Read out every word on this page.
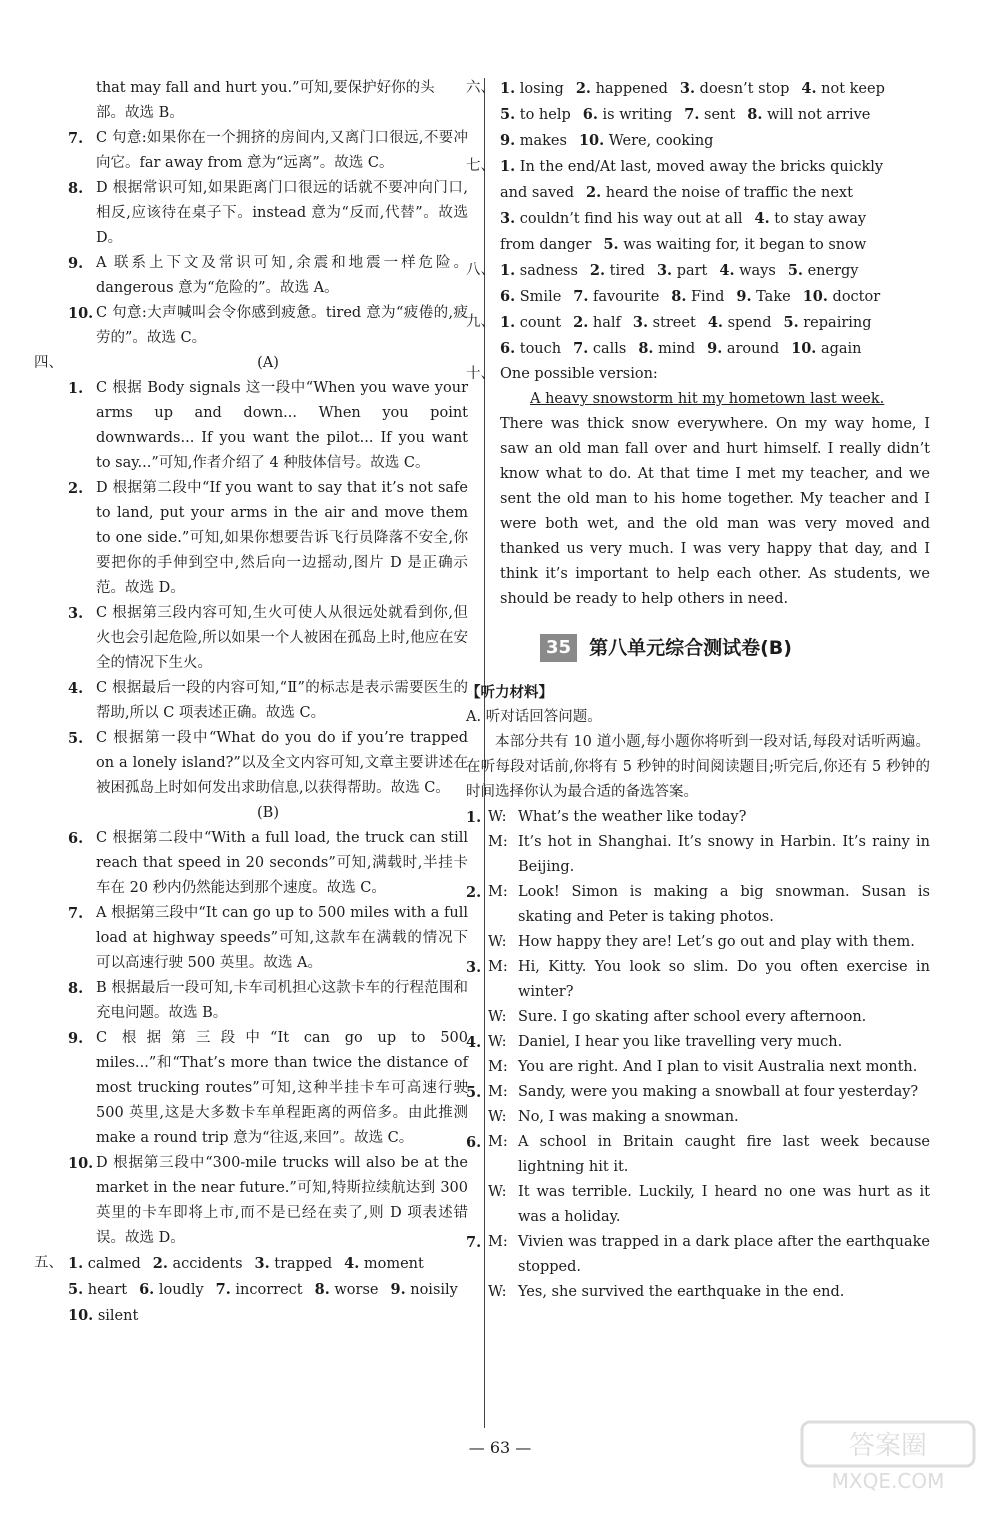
that may fall and hurt you.”可知,要保护好你的头

部。故选 B。

7. C 句意:如果你在一个拥挤的房间内,又离门口很远,不要冲向它。far away from 意为“远离”。故选 C。

8. D 根据常识可知,如果距离门口很远的话就不要冲向门口,相反,应该待在桌子下。instead 意为“反而,代替”。故选 D。

9. A 联系上下文及常识可知,余震和地震一样危险。dangerous 意为“危险的”。故选 A。

10. C 句意:大声喊叫会令你感到疲惫。tired 意为“疲倦的,疲劳的”。故选 C。

四、	(A)

1. C 根据 Body signals 这一段中“When you wave your arms up and down... When you point downwards... If you want the pilot... If you want to say...”可知,作者介绍了 4 种肢体信号。故选 C。

2. D 根据第二段中“If you want to say that it’s not safe to land, put your arms in the air and move them to one side.”可知,如果你想要告诉飞行员降落不安全,你要把你的手伸到空中,然后向一边摇动,图片 D 是正确示范。故选 D。

3. C 根据第三段内容可知,生火可使人从很远处就看到你,但火也会引起危险,所以如果一个人被困在孤岛上时,他应在安全的情况下生火。

4. C 根据最后一段的内容可知,“Ⅱ”的标志是表示需要医生的帮助,所以 C 项表述正确。故选 C。

5. C 根据第一段中“What do you do if you’re trapped on a lonely island?”以及全文内容可知,文章主要讲述在被困孤岛上时如何发出求助信息,以获得帮助。故选 C。

(B)

6. C 根据第二段中“With a full load, the truck can still reach that speed in 20 seconds”可知,满载时,半挂卡车在 20 秒内仍然能达到那个速度。故选 C。

7. A 根据第三段中“It can go up to 500 miles with a full load at highway speeds”可知,这款车在满载的情况下可以高速行驶 500 英里。故选 A。

8. B 根据最后一段可知,卡车司机担心这款卡车的行程范围和充电问题。故选 B。

9. C 根据第三段中“It can go up to 500 miles...”和“That’s more than twice the distance of most trucking routes”可知,这种半挂卡车可高速行驶 500 英里,这是大多数卡车单程距离的两倍多。由此推测 make a round trip 意为“往返,来回”。故选 C。

10. D 根据第三段中“300-mile trucks will also be at the market in the near future.”可知,特斯拉续航达到 300 英里的卡车即将上市,而不是已经在卖了,则 D 项表述错误。故选 D。

五、 1. calmed 2. accidents 3. trapped 4. moment

5. heart 6. loudly 7. incorrect 8. worse 9. noisily

10. silent

六、 1. losing 2. happened 3. doesn’t stop 4. not keep

5. to help 6. is writing 7. sent 8. will not arrive

9. makes 10. Were, cooking

七、 1. In the end/At last, moved away the bricks quickly

and saved 2. heard the noise of traffic the next

3. couldn’t find his way out at all 4. to stay away

from danger 5. was waiting for, it began to snow

八、 1. sadness 2. tired 3. part 4. ways 5. energy

6. Smile 7. favourite 8. Find 9. Take 10. doctor

九、 1. count 2. half 3. street 4. spend 5. repairing

6. touch 7. calls 8. mind 9. around 10. again

十、 One possible version:

A heavy snowstorm hit my hometown last week.

There was thick snow everywhere. On my way home, I saw an old man fall over and hurt himself. I really didn’t know what to do. At that time I met my teacher, and we sent the old man to his home together. My teacher and I were both wet, and the old man was very moved and thanked us very much. I was very happy that day, and I think it’s important to help each other. As students, we should be ready to help others in need.

35 第八单元综合测试卷(B)

【听力材料】

A. 听对话回答问题。

本部分共有 10 道小题,每小题你将听到一段对话,每段对话听两遍。在听每段对话前,你将有 5 秒钟的时间阅读题目;听完后,你还有 5 秒钟的时间选择你认为最合适的备选答案。

1. W: What’s the weather like today?

M: It’s hot in Shanghai. It’s snowy in Harbin. It’s rainy in Beijing.

2. M: Look! Simon is making a big snowman. Susan is skating and Peter is taking photos.

W: How happy they are! Let’s go out and play with them.

3. M: Hi, Kitty. You look so slim. Do you often exercise in winter?

W: Sure. I go skating after school every afternoon.

4. W: Daniel, I hear you like travelling very much.

M: You are right. And I plan to visit Australia next month.

5. M: Sandy, were you making a snowball at four yesterday?

W: No, I was making a snowman.

6. M: A school in Britain caught fire last week because lightning hit it.

W: It was terrible. Luckily, I heard no one was hurt as it was a holiday.

7. M: Vivien was trapped in a dark place after the earthquake stopped.

W: Yes, she survived the earthquake in the end.

— 63 —	答案圈
MXQE.COM
